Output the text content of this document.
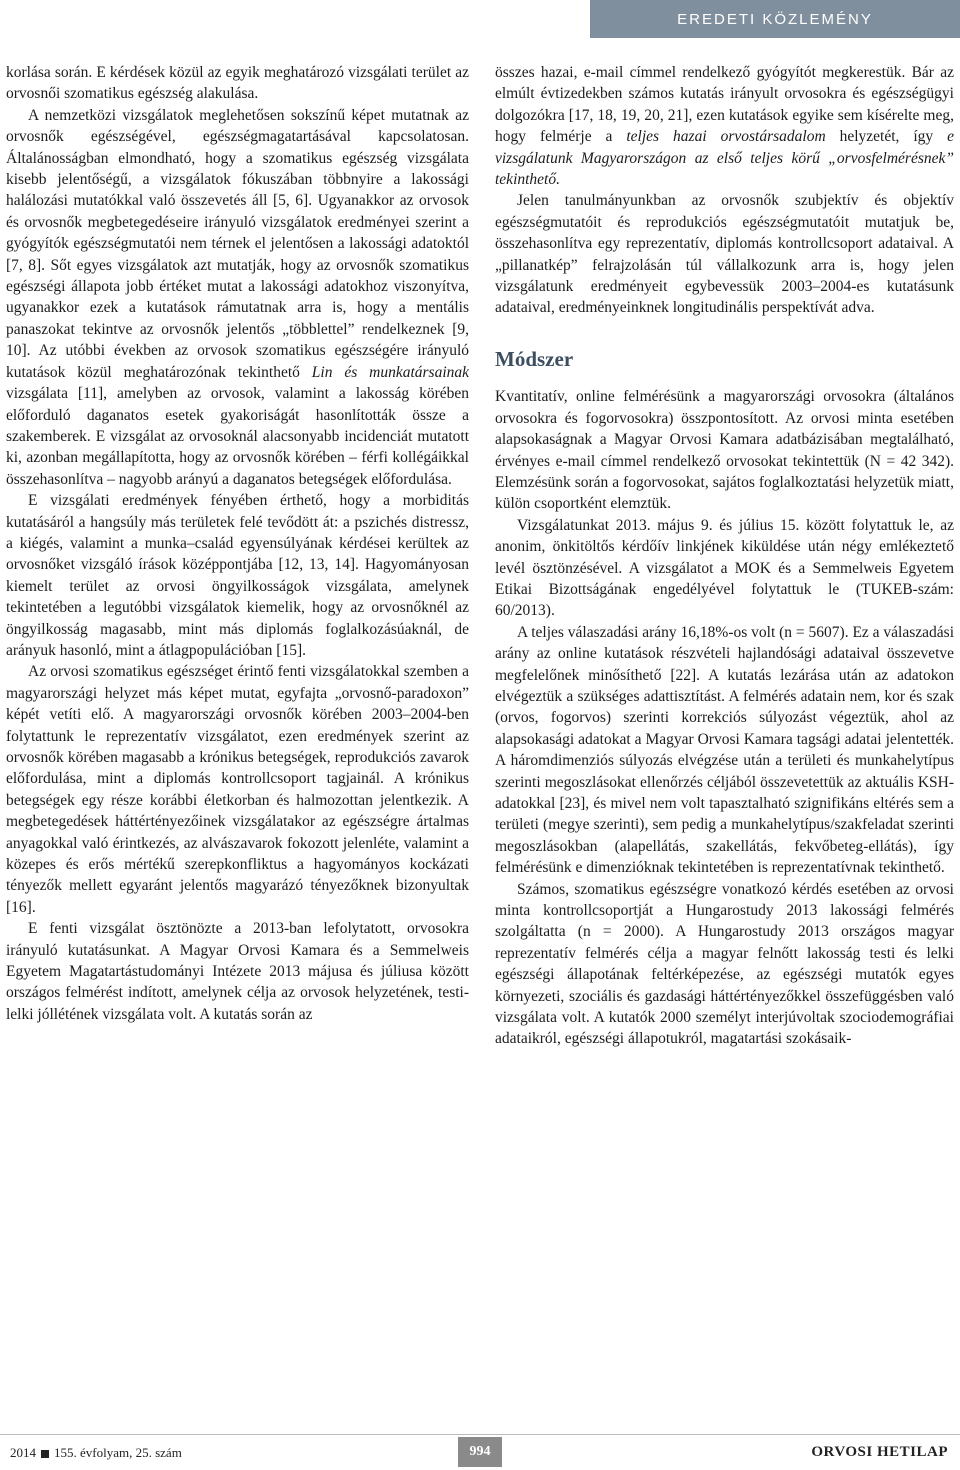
EREDETI KÖZLEMÉNY

korlása során. E kérdések közül az egyik meghatározó vizsgálati terület az orvosnői szomatikus egészség alakulása.

A nemzetközi vizsgálatok meglehetősen sokszínű képet mutatnak az orvosnők egészségével, egészségmagatartásával kapcsolatosan. Általánosságban elmondható, hogy a szomatikus egészség vizsgálata kisebb jelentőségű, a vizsgálatok fókuszában többnyire a lakossági halálozási mutatókkal való összevetés áll [5, 6]. Ugyanakkor az orvosok és orvosnők megbetegedéseire irányuló vizsgálatok eredményei szerint a gyógyítók egészségmutatói nem térnek el jelentősen a lakossági adatoktól [7, 8]. Sőt egyes vizsgálatok azt mutatják, hogy az orvosnők szomatikus egészségi állapota jobb értéket mutat a lakossági adatokhoz viszonyítva, ugyanakkor ezek a kutatások rámutatnak arra is, hogy a mentális panaszokat tekintve az orvosnők jelentős „többlettel” rendelkeznek [9, 10]. Az utóbbi években az orvosok szomatikus egészségére irányuló kutatások közül meghatározónak tekinthető Lin és munkatársainak vizsgálata [11], amelyben az orvosok, valamint a lakosság körében előforduló daganatos esetek gyakoriságát hasonlították össze a szakemberek. E vizsgálat az orvosoknál alacsonyabb incidenciát mutatott ki, azonban megállapította, hogy az orvosnők körében – férfi kollégáikkal összehasonlítva – nagyobb arányú a daganatos betegségek előfordulása.

E vizsgálati eredmények fényében érthető, hogy a morbiditás kutatásáról a hangsúly más területek felé tevődött át: a pszichés distressz, a kiégés, valamint a munka–család egyensúlyának kérdései kerültek az orvosnőket vizsgáló írások középpontjába [12, 13, 14]. Hagyományosan kiemelt terület az orvosi öngyilkosságok vizsgálata, amelynek tekintetében a legutóbbi vizsgálatok kiemelik, hogy az orvosnőknél az öngyilkosság magasabb, mint más diplomás foglalkozásúaknál, de arányuk hasonló, mint a átlagpopulációban [15].

Az orvosi szomatikus egészséget érintő fenti vizsgálatokkal szemben a magyarországi helyzet más képet mutat, egyfajta „orvosnő-paradoxon” képét vetíti elő. A magyarországi orvosnők körében 2003–2004-ben folytattunk le reprezentatív vizsgálatot, ezen eredmények szerint az orvosnők körében magasabb a krónikus betegségek, reprodukciós zavarok előfordulása, mint a diplomás kontrollcsoport tagjainál. A krónikus betegségek egy része korábbi életkorban és halmozottan jelentkezik. A megbetegedések háttértényezőinek vizsgálatakor az egészségre ártalmas anyagokkal való érintkezés, az alvászavarok fokozott jelenléte, valamint a közepes és erős mértékű szerepkonfliktus a hagyományos kockázati tényezők mellett egyaránt jelentős magyarázó tényezőknek bizonyultak [16].

E fenti vizsgálat ösztönözte a 2013-ban lefolytatott, orvosokra irányuló kutatásunkat. A Magyar Orvosi Kamara és a Semmelweis Egyetem Magatartástudományi Intézete 2013 májusa és júliusa között országos felmérést indított, amelynek célja az orvosok helyzetének, testi-lelki jóllétének vizsgálata volt. A kutatás során az

összes hazai, e-mail címmel rendelkező gyógyítót megkerestük. Bár az elmúlt évtizedekben számos kutatás irányult orvosokra és egészségügyi dolgozókra [17, 18, 19, 20, 21], ezen kutatások egyike sem kísérelte meg, hogy felmérje a teljes hazai orvostársadalom helyzetét, így e vizsgálatunk Magyarországon az első teljes körű „orvosfelmérésnek” tekinthető.

Jelen tanulmányunkban az orvosnők szubjektív és objektív egészségmutatóit és reprodukciós egészségmutatóit mutatjuk be, összehasonlítva egy reprezentatív, diplomás kontrollcsoport adataival. A „pillanatkép” felrajzolásán túl vállalkozunk arra is, hogy jelen vizsgálatunk eredményeit egybevessük 2003–2004-es kutatásunk adataival, eredményeinknek longitudinális perspektívát adva.

Módszer

Kvantitatív, online felmérésünk a magyarországi orvosokra (általános orvosokra és fogorvosokra) összpontosított. Az orvosi minta esetében alapsokaságnak a Magyar Orvosi Kamara adatbázisában megtalálható, érvényes e-mail címmel rendelkező orvosokat tekintettük (N = 42 342). Elemzésünk során a fogorvosokat, sajátos foglalkoztatási helyzetük miatt, külön csoportként elemztük.

Vizsgálatunkat 2013. május 9. és július 15. között folytattuk le, az anonim, önkitöltős kérdőív linkjének kiküldése után négy emlékeztető levél ösztönzésével. A vizsgálatot a MOK és a Semmelweis Egyetem Etikai Bizottságának engedélyével folytattuk le (TUKEB-szám: 60/2013).

A teljes válaszadási arány 16,18%-os volt (n = 5607). Ez a válaszadási arány az online kutatások részvételi hajlandósági adataival összevetve megfelelőnek minősíthető [22]. A kutatás lezárása után az adatokon elvégeztük a szükséges adattisztítást. A felmérés adatain nem, kor és szak (orvos, fogorvos) szerinti korrekciós súlyozást végeztük, ahol az alapsokasági adatokat a Magyar Orvosi Kamara tagsági adatai jelentették. A háromdimenziós súlyozás elvégzése után a területi és munkahelytípus szerinti megoszlásokat ellenőrzés céljából összevetettük az aktuális KSH-adatokkal [23], és mivel nem volt tapasztalható szignifikáns eltérés sem a területi (megye szerinti), sem pedig a munkahelytípus/szakfeladat szerinti megoszlásokban (alapellátás, szakellátás, fekvőbeteg-ellátás), így felmérésünk e dimenzióknak tekintetében is reprezentatívnak tekinthető.

Számos, szomatikus egészségre vonatkozó kérdés esetében az orvosi minta kontrollcsoportját a Hungarostudy 2013 lakossági felmérés szolgáltatta (n = 2000). A Hungarostudy 2013 országos magyar reprezentatív felmérés célja a magyar felnőtt lakosság testi és lelki egészségi állapotának feltérképezése, az egészségi mutatók egyes környezeti, szociális és gazdasági háttértényezőkkel összefüggésben való vizsgálata volt. A kutatók 2000 személyt interjúvoltak szociodemográfiai adataikról, egészségi állapotukról, magatartási szokásaik-

2014 155. évfolyam, 25. szám	994	ORVOSI HETILAP
